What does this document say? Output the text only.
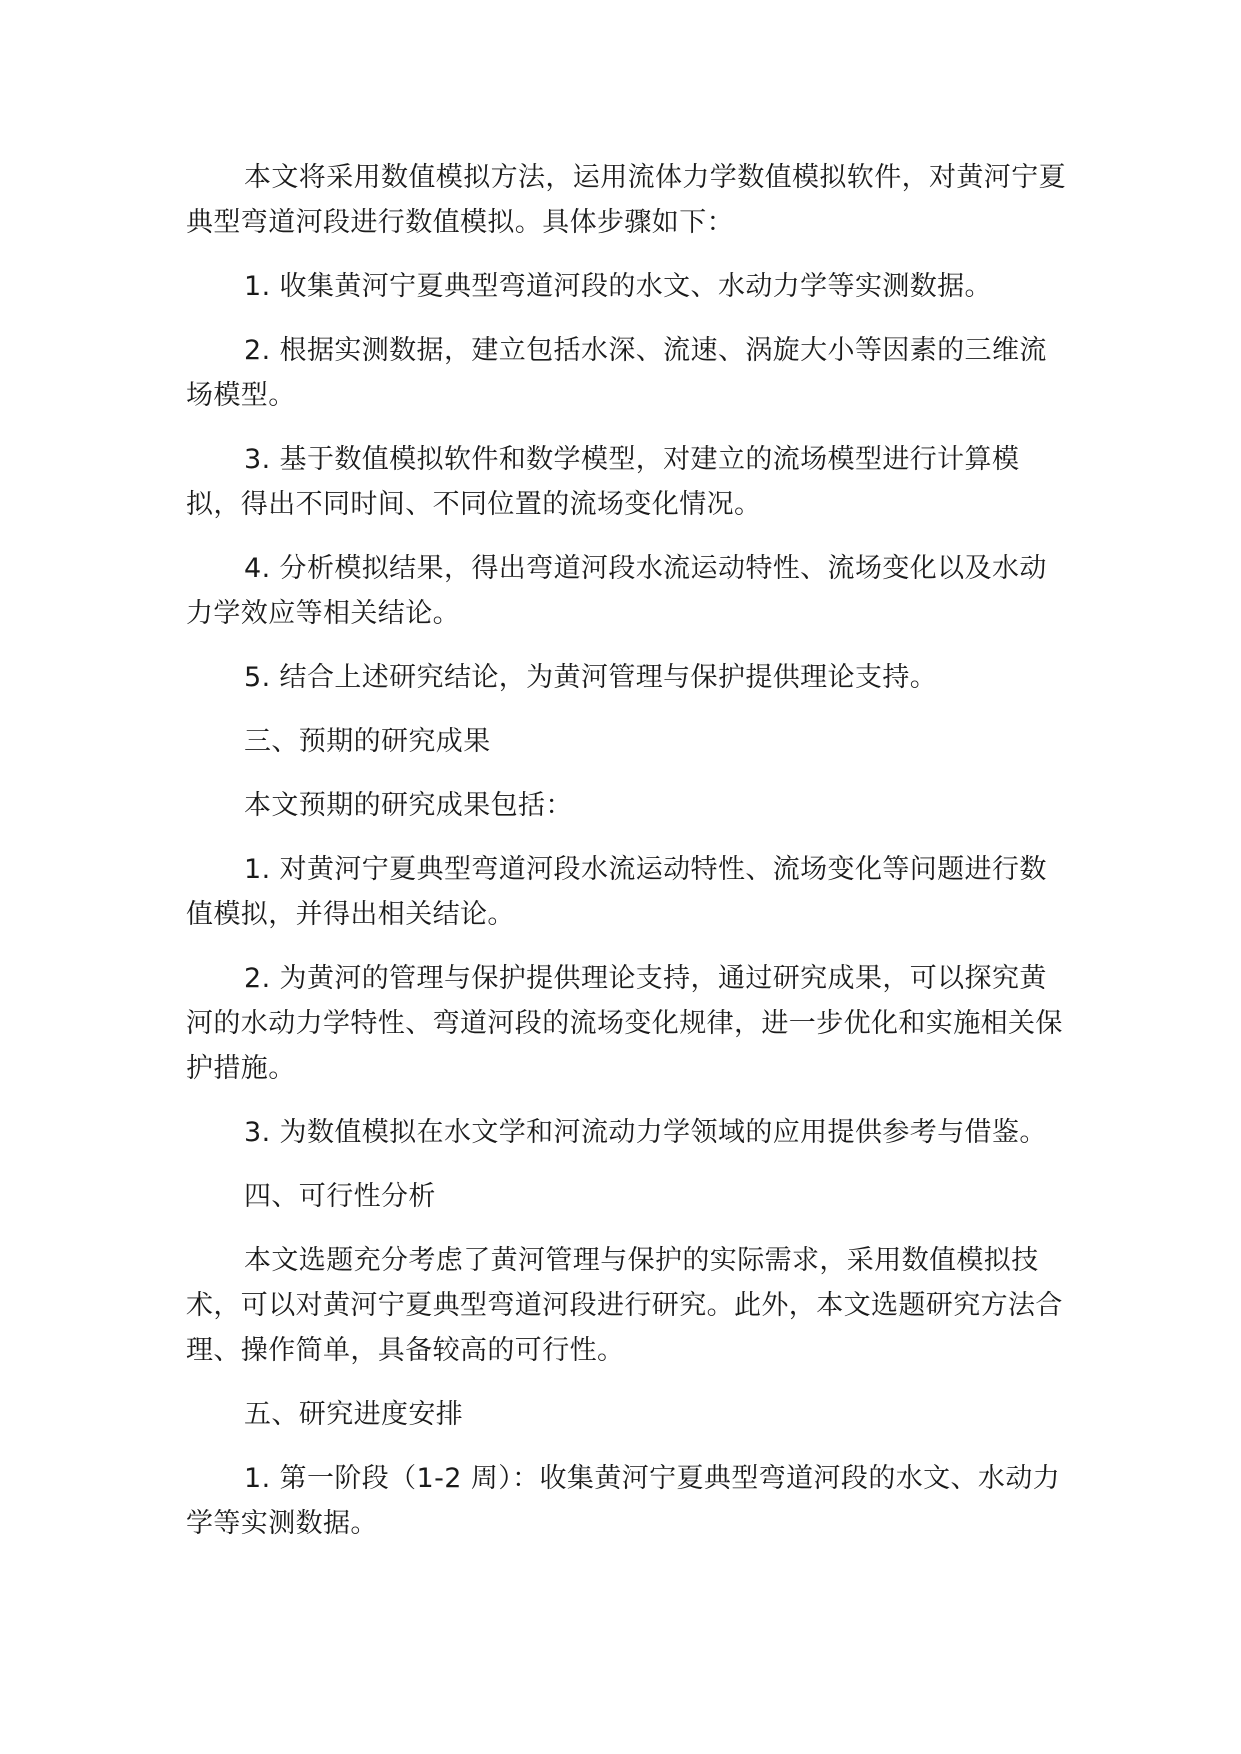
本文将采用数值模拟方法，运用流体力学数值模拟软件，对黄河宁夏典型弯道河段进行数值模拟。具体步骤如下：

1. 收集黄河宁夏典型弯道河段的水文、水动力学等实测数据。

2. 根据实测数据，建立包括水深、流速、涡旋大小等因素的三维流场模型。

3. 基于数值模拟软件和数学模型，对建立的流场模型进行计算模拟，得出不同时间、不同位置的流场变化情况。

4. 分析模拟结果，得出弯道河段水流运动特性、流场变化以及水动力学效应等相关结论。

5. 结合上述研究结论，为黄河管理与保护提供理论支持。

三、预期的研究成果

本文预期的研究成果包括：

1. 对黄河宁夏典型弯道河段水流运动特性、流场变化等问题进行数值模拟，并得出相关结论。

2. 为黄河的管理与保护提供理论支持，通过研究成果，可以探究黄河的水动力学特性、弯道河段的流场变化规律，进一步优化和实施相关保护措施。

3. 为数值模拟在水文学和河流动力学领域的应用提供参考与借鉴。

四、可行性分析

本文选题充分考虑了黄河管理与保护的实际需求，采用数值模拟技术，可以对黄河宁夏典型弯道河段进行研究。此外，本文选题研究方法合理、操作简单，具备较高的可行性。

五、研究进度安排

1. 第一阶段（1-2 周）：收集黄河宁夏典型弯道河段的水文、水动力学等实测数据。
